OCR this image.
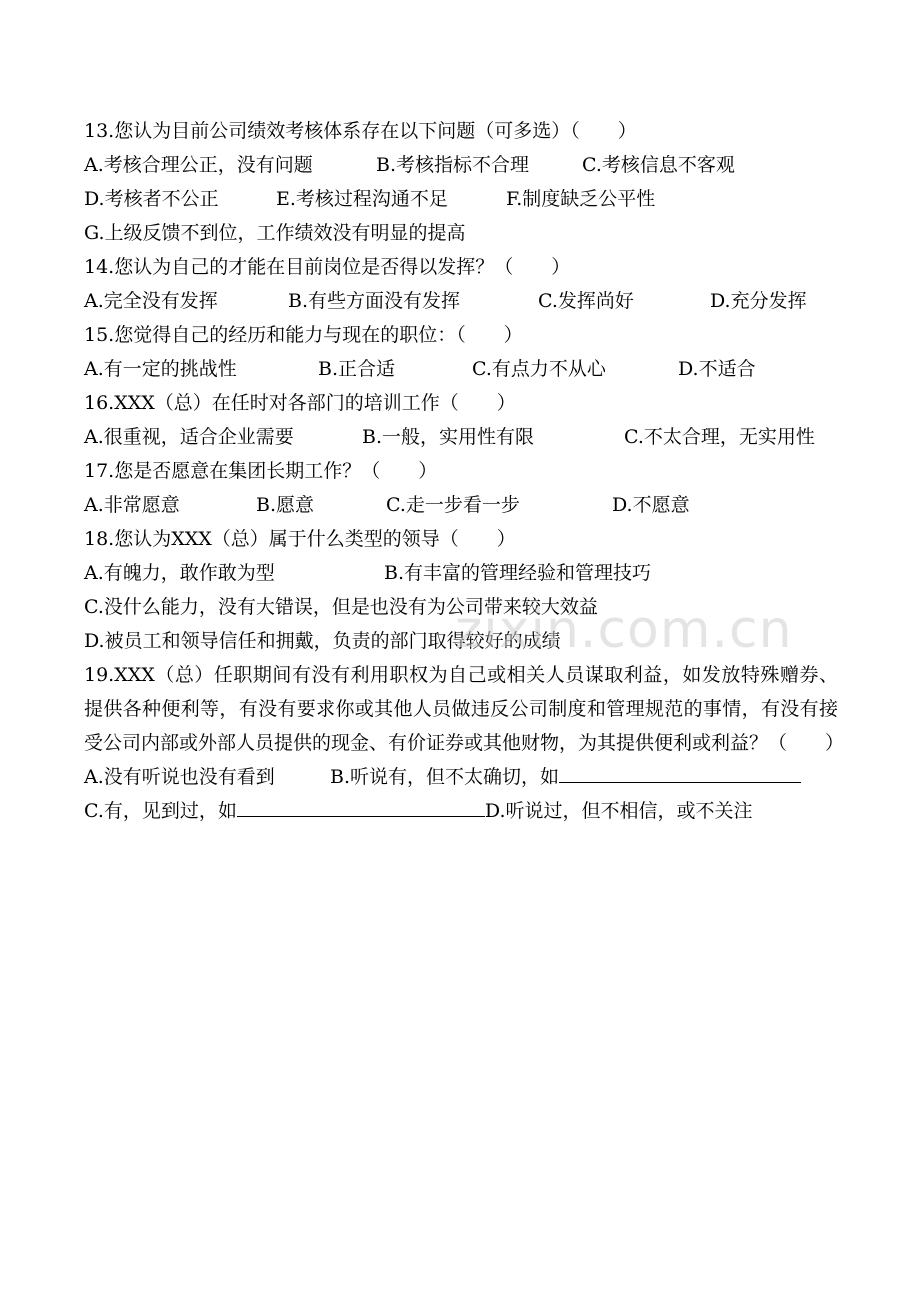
13.您认为目前公司绩效考核体系存在以下问题（可多选）（　　）
A.考核合理公正，没有问题	B.考核指标不合理	C.考核信息不客观
D.考核者不公正	E.考核过程沟通不足	F.制度缺乏公平性
G.上级反馈不到位，工作绩效没有明显的提高
14.您认为自己的才能在目前岗位是否得以发挥？（　　）
A.完全没有发挥	B.有些方面没有发挥	C.发挥尚好	D.充分发挥
15.您觉得自己的经历和能力与现在的职位：（　　）
A.有一定的挑战性	B.正合适	C.有点力不从心	D.不适合
16.XXX（总）在任时对各部门的培训工作（　　）
A.很重视，适合企业需要	B.一般，实用性有限	C.不太合理，无实用性
17.您是否愿意在集团长期工作？（　　）
A.非常愿意	B.愿意	C.走一步看一步	D.不愿意
18.您认为XXX（总）属于什么类型的领导（　　）
A.有魄力，敢作敢为型	B.有丰富的管理经验和管理技巧
C.没什么能力，没有大错误，但是也没有为公司带来较大效益
D.被员工和领导信任和拥戴，负责的部门取得较好的成绩
19.XXX（总）任职期间有没有利用职权为自己或相关人员谋取利益，如发放特殊赠券、提供各种便利等，有没有要求你或其他人员做违反公司制度和管理规范的事情，有没有接受公司内部或外部人员提供的现金、有价证券或其他财物，为其提供便利或利益？（　　）
A.没有听说也没有看到	B.听说有，但不太确切，如
C.有，见到过，如	D.听说过，但不相信，或不关注
zixin.com.cn
